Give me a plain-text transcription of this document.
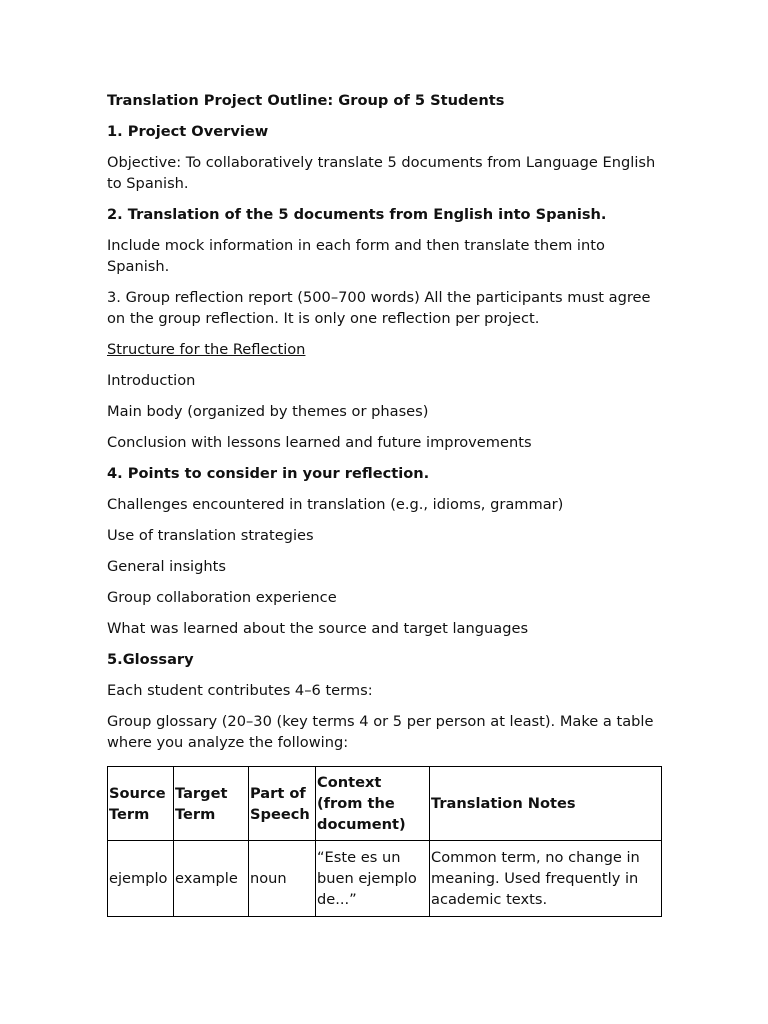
Translation Project Outline: Group of 5 Students

1. Project Overview

Objective: To collaboratively translate 5 documents from Language English to Spanish.

2. Translation of the 5 documents from English into Spanish.

Include mock information in each form and then translate them into Spanish.

3. Group reflection report (500–700 words) All the participants must agree on the group reflection. It is only one reflection per project.

Structure for the Reflection

Introduction

Main body (organized by themes or phases)

Conclusion with lessons learned and future improvements

4. Points to consider in your reflection.

Challenges encountered in translation (e.g., idioms, grammar)

Use of translation strategies

General insights

Group collaboration experience

What was learned about the source and target languages

5.Glossary

Each student contributes 4–6 terms:

Group glossary (20–30 (key terms 4 or 5 per person at least). Make a table where you analyze the following:

Source Term	Target Term	Part of Speech	Context (from the document)	Translation Notes
ejemplo	example	noun	“Este es un buen ejemplo de...”	Common term, no change in meaning. Used frequently in academic texts.
